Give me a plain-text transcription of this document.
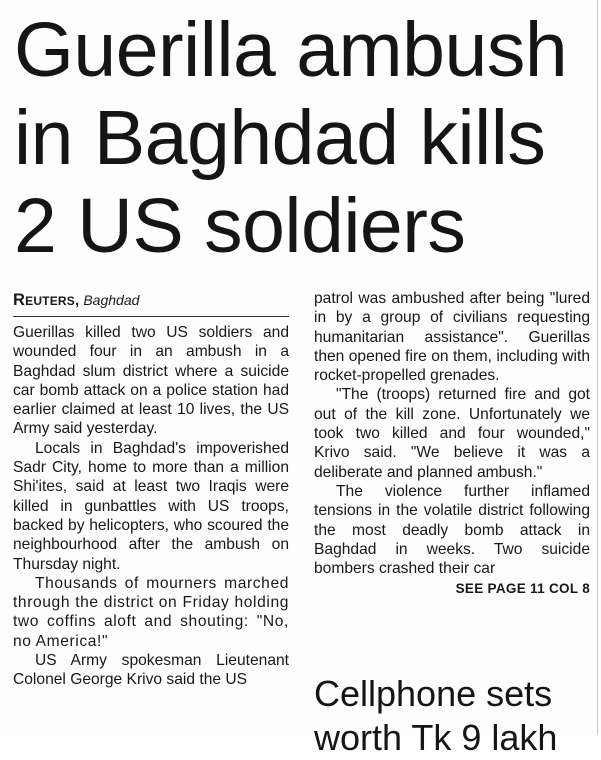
Guerilla ambush
in Baghdad kills
2 US soldiers
Reuters, Baghdad

Guerillas killed two US soldiers and wounded four in an ambush in a Baghdad slum district where a suicide car bomb attack on a police station had earlier claimed at least 10 lives, the US Army said yesterday.

Locals in Baghdad's impoverished Sadr City, home to more than a million Shi'ites, said at least two Iraqis were killed in gunbattles with US troops, backed by helicopters, who scoured the neighbourhood after the ambush on Thursday night.

Thousands of mourners marched through the district on Friday holding two coffins aloft and shouting: "No, no America!"

US Army spokesman Lieutenant Colonel George Krivo said the US

patrol was ambushed after being "lured in by a group of civilians requesting humanitarian assistance". Guerillas then opened fire on them, including with rocket-propelled grenades.

"The (troops) returned fire and got out of the kill zone. Unfortunately we took two killed and four wounded," Krivo said. "We believe it was a deliberate and planned ambush."

The violence further inflamed tensions in the volatile district following the most deadly bomb attack in Baghdad in weeks. Two suicide bombers crashed their car

SEE PAGE 11 COL 8
Cellphone sets
worth Tk 9 lakh
